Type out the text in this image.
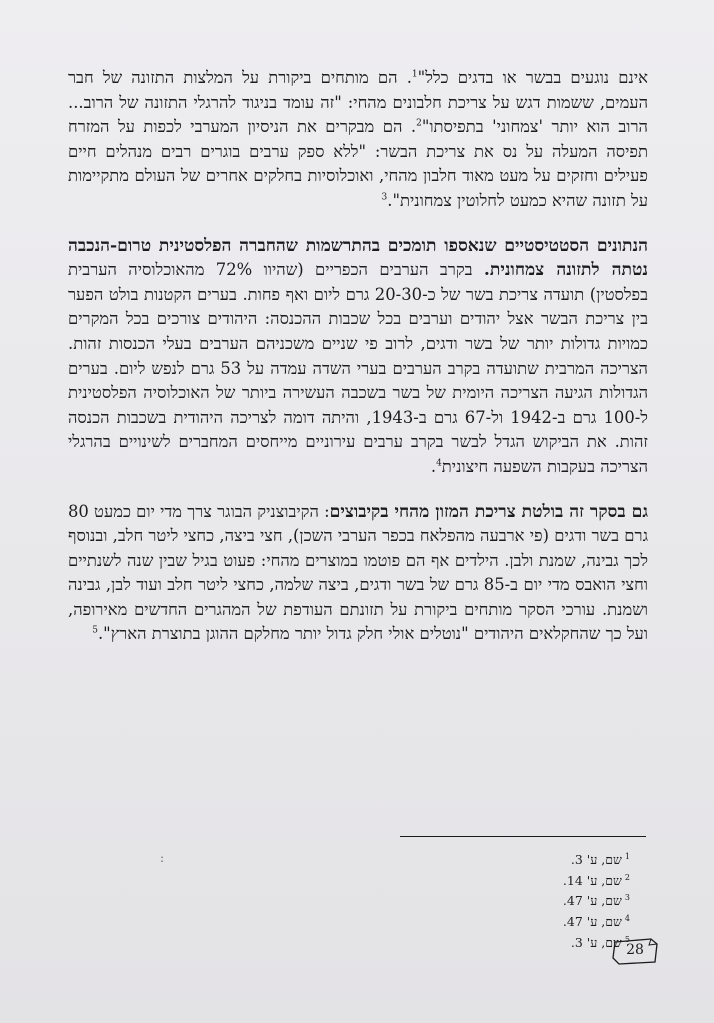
אינם נוגעים בבשר או בדגים כלל"$^1$. הם מותחים ביקורת על המלצות התזונה של חבר העמים, ששמות דגש על צריכת חלבונים מהחי: "זה עומד בניגוד להרגלי התזונה של הרוב... הרוב הוא יותר 'צמחוני' בתפיסתו"$^2$. הם מבקרים את הניסיון המערבי לכפות על המזרח תפיסה המעלה על נס את צריכת הבשר: "ללא ספק ערבים בוגרים רבים מנהלים חיים פעילים וחזקים על מעט מאוד חלבון מהחי, ואוכלוסיות בחלקים אחרים של העולם מתקיימות על תזונה שהיא כמעט לחלוטין צמחונית".$^3$

הנתונים הסטטיסטיים שנאספו תומכים בהתרשמות שהחברה הפלסטינית טרום-הנכבה נטתה לתזונה צמחונית. בקרב הערבים הכפריים (שהיוו 72% מהאוכלוסיה הערבית בפלסטין) תועדה צריכת בשר של כ-20-30 גרם ליום ואף פחות. בערים הקטנות בולט הפער בין צריכת הבשר אצל יהודים וערבים בכל שכבות ההכנסה: היהודים צורכים בכל המקרים כמויות גדולות יותר של בשר ודגים, לרוב פי שניים משכניהם הערבים בעלי הכנסות זהות. הצריכה המרבית שתועדה בקרב הערבים בערי השדה עמדה על 53 גרם לנפש ליום. בערים הגדולות הגיעה הצריכה היומית של בשר בשכבה העשירה ביותר של האוכלוסיה הפלסטינית ל-100 גרם ב-1942 ול-67 גרם ב-1943, והיתה דומה לצריכה היהודית בשכבות הכנסה זהות. את הביקוש הגדל לבשר בקרב ערבים עירוניים מייחסים המחברים לשינויים בהרגלי הצריכה בעקבות השפעה חיצונית$^4$.

גם בסקר זה בולטת צריכת המזון מהחי בקיבוצים: הקיבוצניק הבוגר צרך מדי יום כמעט 80 גרם בשר ודגים (פי ארבעה מהפלאח בכפר הערבי השכן), חצי ביצה, כחצי ליטר חלב, ובנוסף לכך גבינה, שמנת ולבן. הילדים אף הם פוטמו במוצרים מהחי: פעוט בגיל שבין שנה לשנתיים וחצי הואבס מדי יום ב-85 גרם של בשר ודגים, ביצה שלמה, כחצי ליטר חלב ועוד לבן, גבינה ושמנת. עורכי הסקר מותחים ביקורת על תזונתם העודפת של המהגרים החדשים מאירופה, ועל כך שהחקלאים היהודים "נוטלים אולי חלק גדול יותר מחלקם ההוגן בתוצרת הארץ".$^5$

:	$^1$שם, ע' 3.
$^2$שם, ע' 14.
$^3$שם, ע' 47.
$^4$שם, ע' 47.
$^5$שם, ע' 3. 28
